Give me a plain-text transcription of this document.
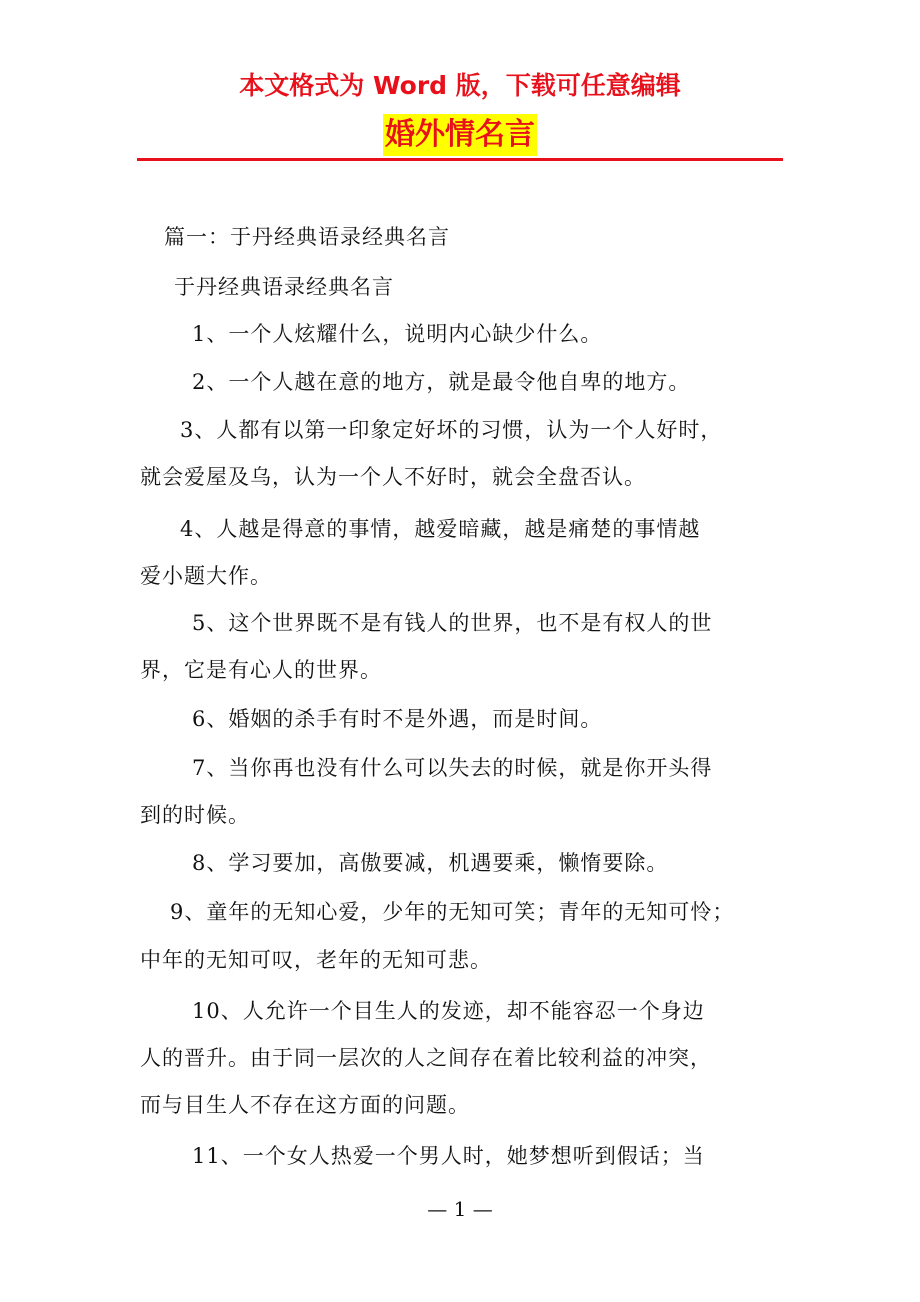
本文格式为 Word 版，下载可任意编辑
婚外情名言
篇一：于丹经典语录经典名言
于丹经典语录经典名言
1、一个人炫耀什么，说明内心缺少什么。
2、一个人越在意的地方，就是最令他自卑的地方。
3、人都有以第一印象定好坏的习惯，认为一个人好时，
就会爱屋及乌，认为一个人不好时，就会全盘否认。
4、人越是得意的事情，越爱暗藏，越是痛楚的事情越
爱小题大作。
5、这个世界既不是有钱人的世界，也不是有权人的世
界，它是有心人的世界。
6、婚姻的杀手有时不是外遇，而是时间。
7、当你再也没有什么可以失去的时候，就是你开头得
到的时候。
8、学习要加，高傲要减，机遇要乘，懒惰要除。
9、童年的无知心爱，少年的无知可笑；青年的无知可怜；
中年的无知可叹，老年的无知可悲。
10、人允许一个目生人的发迹，却不能容忍一个身边
人的晋升。由于同一层次的人之间存在着比较利益的冲突，
而与目生人不存在这方面的问题。
11、一个女人热爱一个男人时，她梦想听到假话；当
— 1 —
